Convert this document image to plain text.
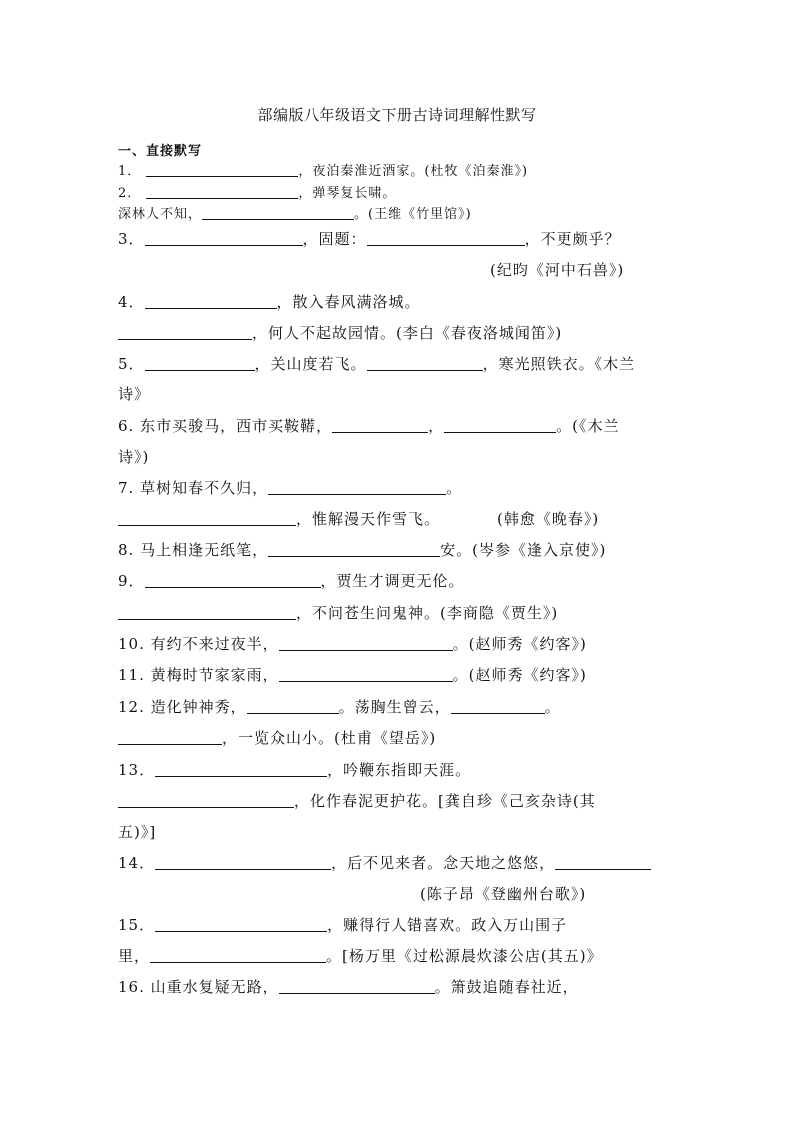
部编版八年级语文下册古诗词理解性默写
一、直接默写
1．	，夜泊秦淮近酒家。(杜牧《泊秦淮》)
2．	，弹琴复长啸。
深林人不知，	。(王维《竹里馆》)
3．	，固题：	，不更颇乎？
(纪昀《河中石兽》)
4．	，散入春风满洛城。
，何人不起故园情。(李白《春夜洛城闻笛》)
5．	，关山度若飞。	，寒光照铁衣。《木兰
诗》
6. 东市买骏马，西市买鞍鞯，	，	。(《木兰
诗》)
7. 草树知春不久归，	。
，惟解漫天作雪飞。	(韩愈《晚春》)
8. 马上相逢无纸笔，	安。(岑参《逢入京使》)
9．	，贾生才调更无伦。
，不问苍生问鬼神。(李商隐《贾生》)
10. 有约不来过夜半，	。(赵师秀《约客》)
11. 黄梅时节家家雨，	。(赵师秀《约客》)
12. 造化钟神秀，	。荡胸生曾云，	。
，一览众山小。(杜甫《望岳》)
13．	，吟鞭东指即天涯。
，化作春泥更护花。[龚自珍《己亥杂诗(其
五)》]
14．	，后不见来者。念天地之悠悠，
(陈子昂《登幽州台歌》)
15．	，赚得行人错喜欢。政入万山围子
里，	。[杨万里《过松源晨炊漆公店(其五)》
16. 山重水复疑无路，	。箫鼓追随春社近，
